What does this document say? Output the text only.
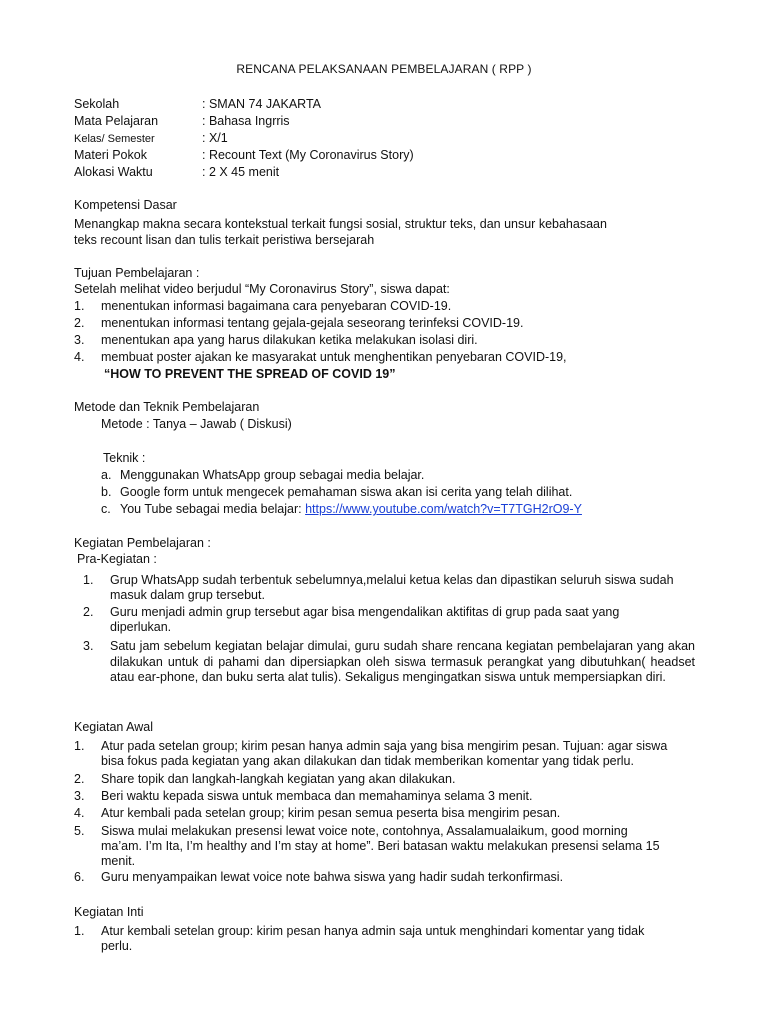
RENCANA PELAKSANAAN PEMBELAJARAN ( RPP )
Sekolah	: SMAN 74 JAKARTA
Mata Pelajaran	: Bahasa Ingrris
Kelas/ Semester	: X/1
Materi Pokok	: Recount Text (My Coronavirus Story)
Alokasi Waktu	: 2 X 45 menit
Kompetensi Dasar
Menangkap makna secara kontekstual terkait fungsi sosial, struktur teks, dan unsur kebahasaan
teks recount lisan dan tulis terkait peristiwa bersejarah
Tujuan Pembelajaran :
Setelah melihat video berjudul “My Coronavirus Story”, siswa dapat:
1. menentukan informasi bagaimana cara penyebaran COVID-19.
2. menentukan informasi tentang gejala-gejala seseorang terinfeksi COVID-19.
3. menentukan apa yang harus dilakukan ketika melakukan isolasi diri.
4. membuat poster ajakan ke masyarakat untuk menghentikan penyebaran COVID-19,
“HOW TO PREVENT THE SPREAD OF COVID 19”
Metode dan Teknik Pembelajaran
Metode : Tanya – Jawab ( Diskusi)
Teknik :
a. Menggunakan WhatsApp group sebagai media belajar.
b. Google form untuk mengecek pemahaman siswa akan isi cerita yang telah dilihat.
c. You Tube sebagai media belajar: https://www.youtube.com/watch?v=T7TGH2rO9-Y
Kegiatan Pembelajaran :
Pra-Kegiatan :
1. Grup WhatsApp sudah terbentuk sebelumnya,melalui ketua kelas dan dipastikan seluruh siswa sudah
masuk dalam grup tersebut.
2. Guru menjadi admin grup tersebut agar bisa mengendalikan aktifitas di grup pada saat yang
diperlukan.
3. Satu jam sebelum kegiatan belajar dimulai, guru sudah share rencana kegiatan pembelajaran yang akan dilakukan untuk di pahami dan dipersiapkan oleh siswa termasuk perangkat yang dibutuhkan( headset atau ear-phone, dan buku serta alat tulis). Sekaligus mengingatkan siswa untuk mempersiapkan diri.
Kegiatan Awal
1. Atur pada setelan group; kirim pesan hanya admin saja yang bisa mengirim pesan. Tujuan: agar siswa
bisa fokus pada kegiatan yang akan dilakukan dan tidak memberikan komentar yang tidak perlu.
2. Share topik dan langkah-langkah kegiatan yang akan dilakukan.
3. Beri waktu kepada siswa untuk membaca dan memahaminya selama 3 menit.
4. Atur kembali pada setelan group; kirim pesan semua peserta bisa mengirim pesan.
5. Siswa mulai melakukan presensi lewat voice note, contohnya, Assalamualaikum, good morning
ma’am. I’m Ita, I’m healthy and I’m stay at home”. Beri batasan waktu melakukan presensi selama 15
menit.
6. Guru menyampaikan lewat voice note bahwa siswa yang hadir sudah terkonfirmasi.
Kegiatan Inti
1. Atur kembali setelan group: kirim pesan hanya admin saja untuk menghindari komentar yang tidak
perlu.
